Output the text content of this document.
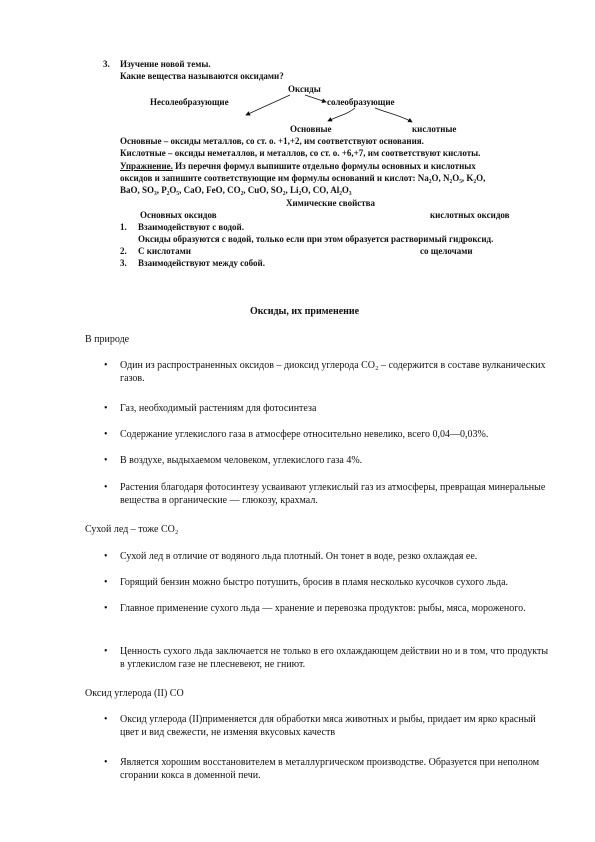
3. Изучение новой темы.
Какие вещества называются оксидами?
Оксиды
Несолеобразующие	солеобразующие
Основные	кислотные
Основные – оксиды металлов, со ст. о. +1,+2, им соответствуют основания.
Кислотные – оксиды неметаллов, и металлов, со ст. о. +6,+7, им соответствуют кислоты.
Упражнение. Из перечня формул выпишите отдельно формулы основных и кислотных
оксидов и запишите соответствующие им формулы оснований и кислот: Na₂O, N₂O₅, K₂O,
BaO, SO₃, P₂O₅, CaO, FeO, CO₂, CuO, SO₂, Li₂O, CO, Al₂O₃
Химические свойства
Основных оксидов	кислотных оксидов
1. Взаимодействуют с водой.
Оксиды образуются с водой, только если при этом образуется растворимый гидроксид.
2. С кислотами	со щелочами
3. Взаимодействуют между собой.
Оксиды, их применение
В природе
• Один из распространенных оксидов – диоксид углерода CO₂ – содержится в составе вулканических газов.
• Газ, необходимый растениям для фотосинтеза
• Содержание углекислого газа в атмосфере относительно невелико, всего 0,04—0,03%.
• В воздухе, выдыхаемом человеком, углекислого газа 4%.
• Растения благодаря фотосинтезу усваивают углекислый газ из атмосферы, превращая минеральные вещества в органические — глюкозу, крахмал.
Сухой лед – тоже CO₂
• Сухой лед в отличие от водяного льда плотный. Он тонет в воде, резко охлаждая ее.
• Горящий бензин можно быстро потушить, бросив в пламя несколько кусочков сухого льда.
• Главное применение сухого льда — хранение и перевозка продуктов: рыбы, мяса, мороженого.
• Ценность сухого льда заключается не только в его охлаждающем действии но и в том, что продукты в углекислом газе не плесневеют, не гниют.
Оксид углерода (II) CO
• Оксид углерода (II)применяется для обработки мяса животных и рыбы, придает им ярко красный цвет и вид свежести, не изменяя вкусовых качеств
• Является хорошим восстановителем в металлургическом производстве. Образуется при неполном сгорании кокса в доменной печи.
